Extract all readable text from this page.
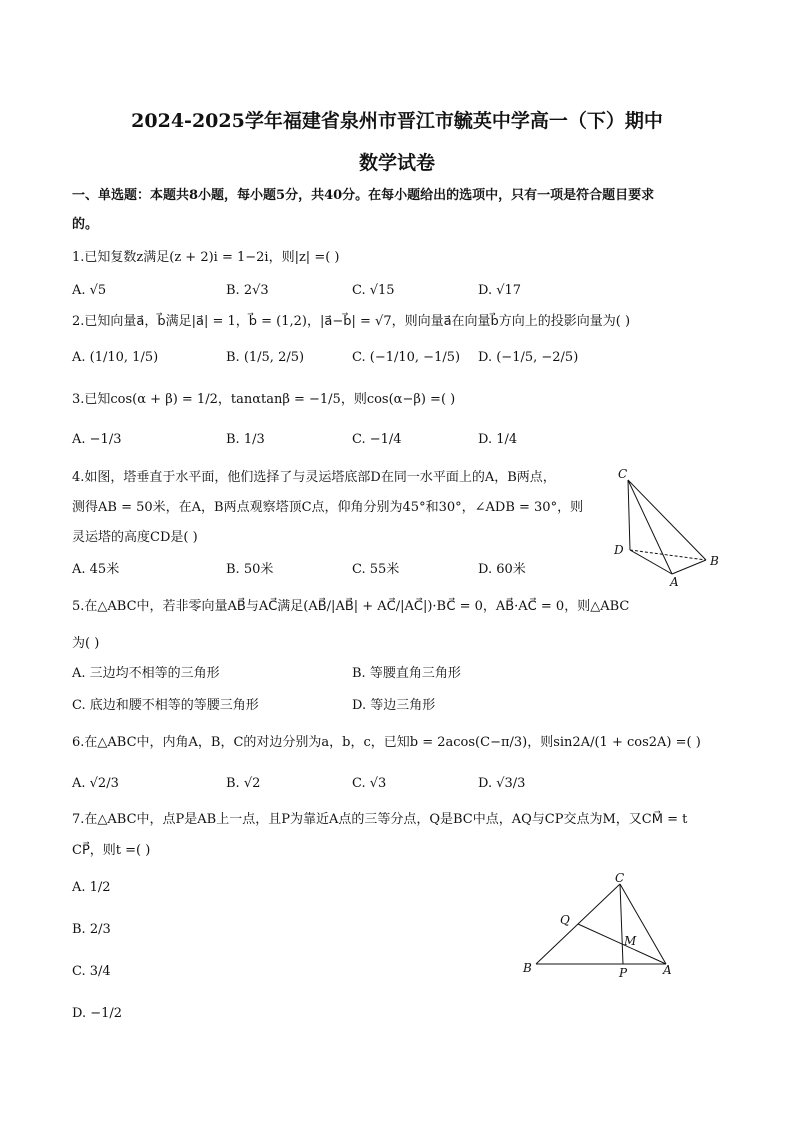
2024-2025学年福建省泉州市晋江市毓英中学高一（下）期中
数学试卷
一、单选题：本题共8小题，每小题5分，共40分。在每小题给出的选项中，只有一项是符合题目要求
的。
1.已知复数z满足(z + 2)i = 1−2i，则|z| =( )
A. √5	B. 2√3	C. √15	D. √17
2.已知向量a⃗，b⃗满足|a⃗| = 1，b⃗ = (1,2)，|a⃗−b⃗| = √7，则向量a⃗在向量b⃗方向上的投影向量为( )
A. (1/10, 1/5)	B. (1/5, 2/5)	C. (−1/10, −1/5) D. (−1/5, −2/5)
3.已知cos(α + β) = 1/2，tanαtanβ = −1/5，则cos(α−β) =( )
A. −1/3	B. 1/3	C. −1/4	D. 1/4
4.如图，塔垂直于水平面，他们选择了与灵运塔底部D在同一水平面上的A，B两点，
测得AB = 50米，在A，B两点观察塔顶C点，仰角分别为45°和30°，∠ADB = 30°，则
灵运塔的高度CD是( )
A. 45米	B. 50米	C. 55米	D. 60米
C
D
B
A
5.在△ABC中，若非零向量AB⃗与AC⃗满足(AB⃗/|AB⃗| + AC⃗/|AC⃗|)·BC⃗ = 0，AB⃗·AC⃗ = 0，则△ABC
为( )
A. 三边均不相等的三角形	B. 等腰直角三角形
C. 底边和腰不相等的等腰三角形	D. 等边三角形
6.在△ABC中，内角A，B，C的对边分别为a，b，c，已知b = 2acos(C−π/3)，则sin2A/(1 + cos2A) =( )
A. √2/3	B. √2	C. √3	D. √3/3
7.在△ABC中，点P是AB上一点，且P为靠近A点的三等分点，Q是BC中点，AQ与CP交点为M，又CM⃗ = t
CP⃗，则t =( )
A. 1/2
B. 2/3
C. 3/4
D. −1/2
C
Q
M
B	P	A
